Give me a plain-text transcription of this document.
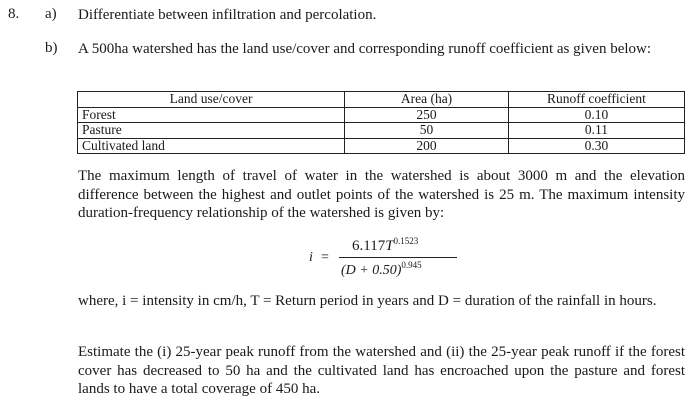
8. a) Differentiate between infiltration and percolation.
b) A 500ha watershed has the land use/cover and corresponding runoff coefficient as given below:
Land use/cover	Area (ha)	Runoff coefficient
Forest	250	0.10
Pasture	50	0.11
Cultivated land	200	0.30
The maximum length of travel of water in the watershed is about 3000 m and the elevation difference between the highest and outlet points of the watershed is 25 m. The maximum intensity duration-frequency relationship of the watershed is given by:
i =
$6.117T^{0.1523}$
$(D + 0.50)^{0.945}$
where, i = intensity in cm/h, T = Return period in years and D = duration of the rainfall in hours.
Estimate the (i) 25-year peak runoff from the watershed and (ii) the 25-year peak runoff if the forest cover has decreased to 50 ha and the cultivated land has encroached upon the pasture and forest lands to have a total coverage of 450 ha.
